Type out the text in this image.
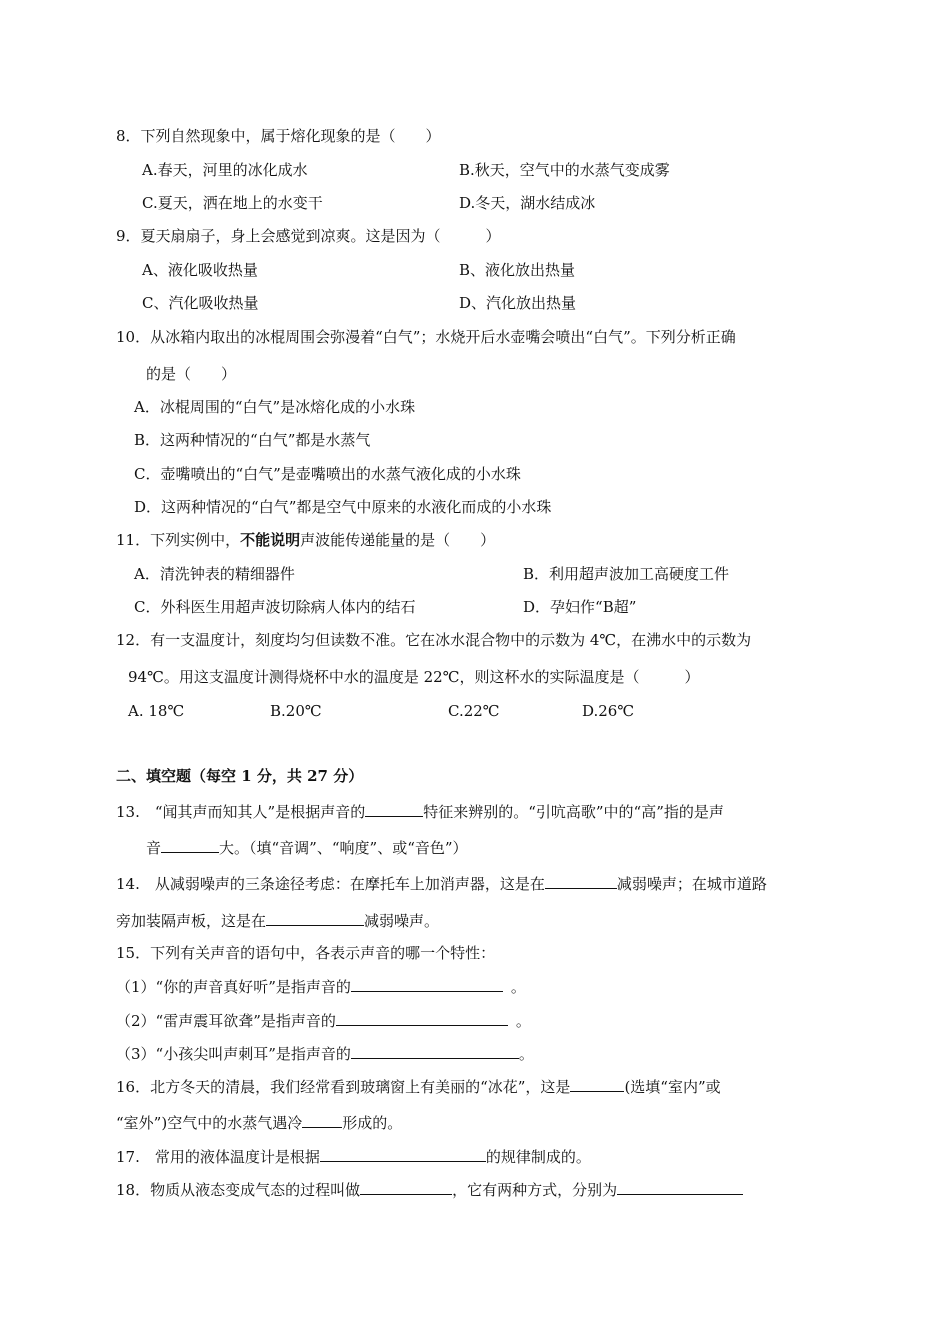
8．下列自然现象中，属于熔化现象的是（　　）
A.春天，河里的冰化成水	B.秋天，空气中的水蒸气变成雾
C.夏天，洒在地上的水变干	D.冬天，湖水结成冰
9．夏天扇扇子，身上会感觉到凉爽。这是因为（　　　）
A、液化吸收热量	B、液化放出热量
C、汽化吸收热量	D、汽化放出热量
10．从冰箱内取出的冰棍周围会弥漫着“白气”；水烧开后水壶嘴会喷出“白气”。下列分析正确
的是（　　）
A．冰棍周围的“白气”是冰熔化成的小水珠
B．这两种情况的“白气”都是水蒸气
C．壶嘴喷出的“白气”是壶嘴喷出的水蒸气液化成的小水珠
D．这两种情况的“白气”都是空气中原来的水液化而成的小水珠
11．下列实例中，不能说明声波能传递能量的是（　　）
A．清洗钟表的精细器件	B．利用超声波加工高硬度工件
C．外科医生用超声波切除病人体内的结石	D．孕妇作“B超”
12．有一支温度计，刻度均匀但读数不准。它在冰水混合物中的示数为 4℃，在沸水中的示数为
94℃。用这支温度计测得烧杯中水的温度是 22℃，则这杯水的实际温度是（　　　）
A. 18℃	B.20℃	C.22℃	D.26℃
二、填空题（每空 1 分，共 27 分）
13.　“闻其声而知其人”是根据声音的	特征来辨别的。“引吭高歌”中的“高”指的是声
音	大。（填“音调”、“响度”、或“音色”）
14.　从减弱噪声的三条途径考虑：在摩托车上加消声器，这是在	减弱噪声；在城市道路
旁加装隔声板，这是在	减弱噪声。
15．下列有关声音的语句中，各表示声音的哪一个特性：
（1）“你的声音真好听”是指声音的	。
（2）“雷声震耳欲聋”是指声音的	。
（3）“小孩尖叫声刺耳”是指声音的	。
16．北方冬天的清晨，我们经常看到玻璃窗上有美丽的“冰花”，这是	(选填“室内”或
“室外”)空气中的水蒸气遇冷	形成的。
17.　常用的液体温度计是根据	的规律制成的。
18．物质从液态变成气态的过程叫做	，它有两种方式，分别为
